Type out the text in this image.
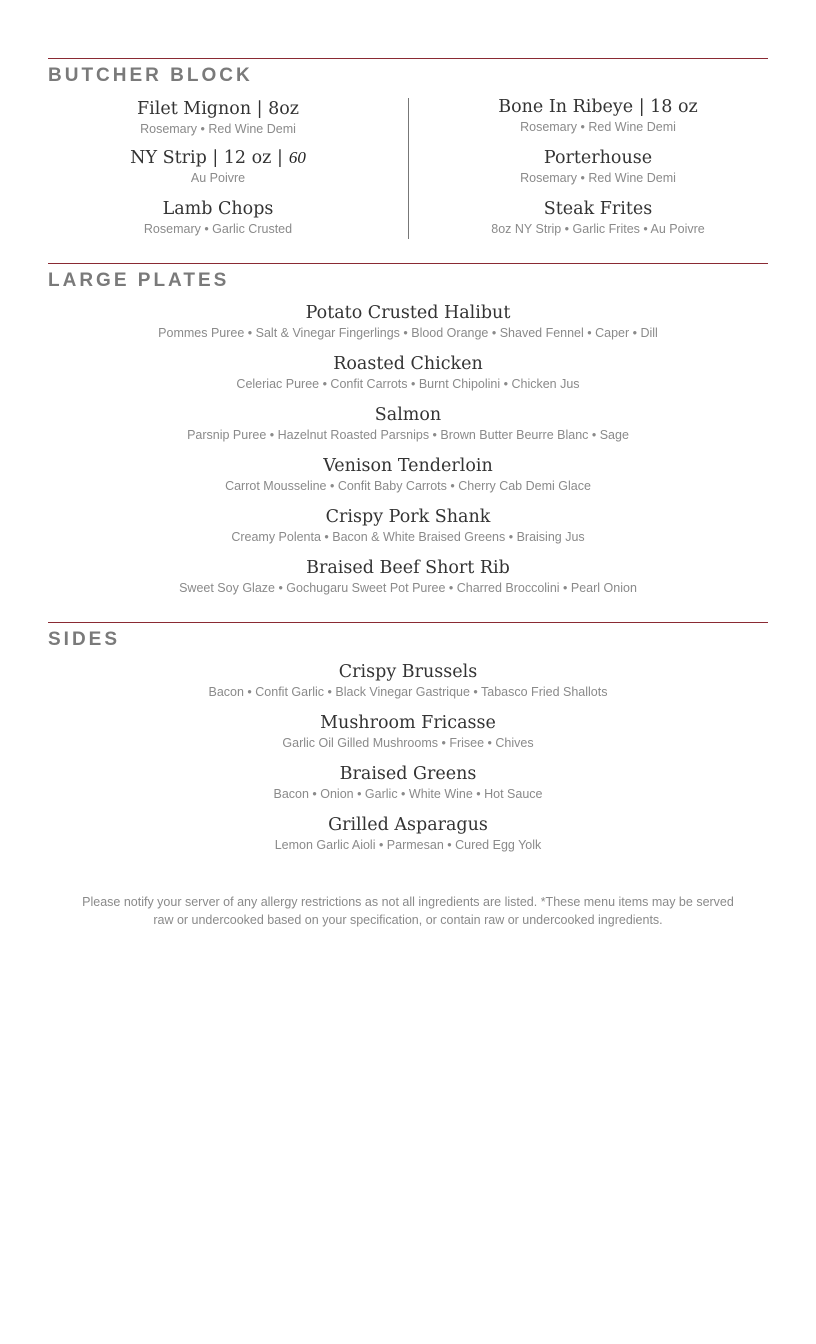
BUTCHER BLOCK
Filet Mignon | 8oz
Rosemary • Red Wine Demi
NY Strip | 12 oz | 60
Au Poivre
Lamb Chops
Rosemary • Garlic Crusted
Bone In Ribeye | 18 oz
Rosemary • Red Wine Demi
Porterhouse
Rosemary • Red Wine Demi
Steak Frites
8oz NY Strip • Garlic Frites • Au Poivre
LARGE PLATES
Potato Crusted Halibut
Pommes Puree • Salt & Vinegar Fingerlings • Blood Orange • Shaved Fennel • Caper • Dill
Roasted Chicken
Celeriac Puree • Confit Carrots • Burnt Chipolini • Chicken Jus
Salmon
Parsnip Puree • Hazelnut Roasted Parsnips • Brown Butter Beurre Blanc • Sage
Venison Tenderloin
Carrot Mousseline • Confit Baby Carrots • Cherry Cab Demi Glace
Crispy Pork Shank
Creamy Polenta • Bacon & White Braised Greens • Braising Jus
Braised Beef Short Rib
Sweet Soy Glaze • Gochugaru Sweet Pot Puree • Charred Broccolini • Pearl Onion
SIDES
Crispy Brussels
Bacon • Confit Garlic • Black Vinegar Gastrique • Tabasco Fried Shallots
Mushroom Fricasse
Garlic Oil Gilled Mushrooms • Frisee • Chives
Braised Greens
Bacon • Onion • Garlic • White Wine • Hot Sauce
Grilled Asparagus
Lemon Garlic Aioli • Parmesan • Cured Egg Yolk
Please notify your server of any allergy restrictions as not all ingredients are listed. *These menu items may be served
raw or undercooked based on your specification, or contain raw or undercooked ingredients.
